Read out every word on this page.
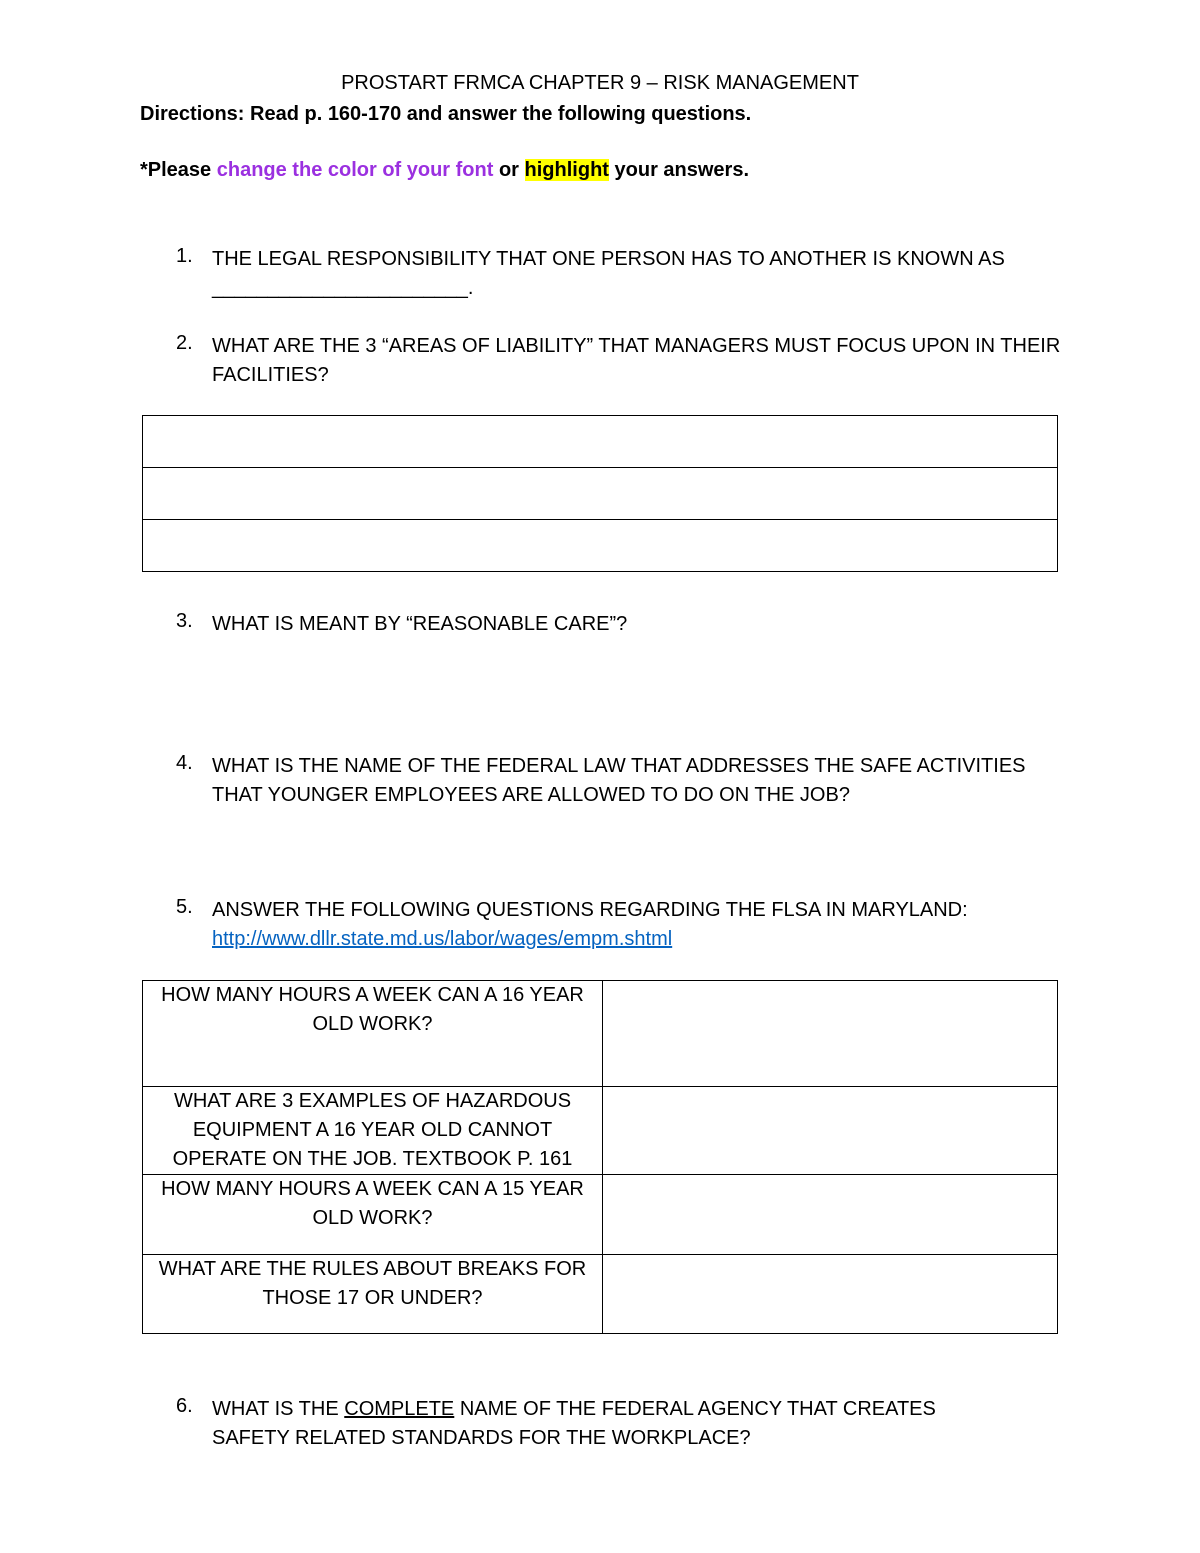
PROSTART FRMCA CHAPTER 9 – RISK MANAGEMENT
Directions: Read p. 160-170 and answer the following questions.
*Please change the color of your font or highlight your answers.
1. THE LEGAL RESPONSIBILITY THAT ONE PERSON HAS TO ANOTHER IS KNOWN AS
_______________________.
2. WHAT ARE THE 3 “AREAS OF LIABILITY” THAT MANAGERS MUST FOCUS UPON IN THEIR FACILITIES?

3. WHAT IS MEANT BY “REASONABLE CARE”?
4. WHAT IS THE NAME OF THE FEDERAL LAW THAT ADDRESSES THE SAFE ACTIVITIES THAT YOUNGER EMPLOYEES ARE ALLOWED TO DO ON THE JOB?
5. ANSWER THE FOLLOWING QUESTIONS REGARDING THE FLSA IN MARYLAND:
http://www.dllr.state.md.us/labor/wages/empm.shtml
HOW MANY HOURS A WEEK CAN A 16 YEAR OLD WORK?	
WHAT ARE 3 EXAMPLES OF HAZARDOUS EQUIPMENT A 16 YEAR OLD CANNOT OPERATE ON THE JOB. TEXTBOOK P. 161	
HOW MANY HOURS A WEEK CAN A 15 YEAR OLD WORK?	
WHAT ARE THE RULES ABOUT BREAKS FOR THOSE 17 OR UNDER?	
6. WHAT IS THE COMPLETE NAME OF THE FEDERAL AGENCY THAT CREATES SAFETY RELATED STANDARDS FOR THE WORKPLACE?
